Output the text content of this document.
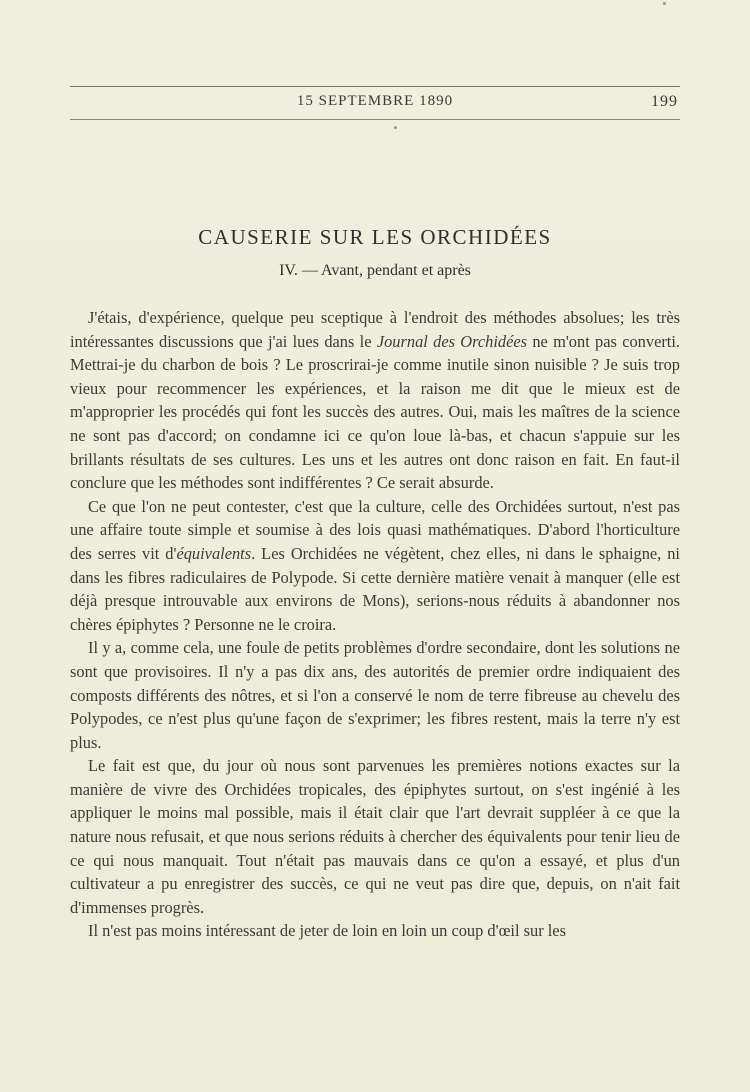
15 SEPTEMBRE 1890	199
CAUSERIE SUR LES ORCHIDÉES
IV. — Avant, pendant et après

J'étais, d'expérience, quelque peu sceptique à l'endroit des méthodes absolues; les très intéressantes discussions que j'ai lues dans le Journal des Orchidées ne m'ont pas converti. Mettrai-je du charbon de bois ? Le proscrirai-je comme inutile sinon nuisible ? Je suis trop vieux pour recommencer les expériences, et la raison me dit que le mieux est de m'approprier les procédés qui font les succès des autres. Oui, mais les maîtres de la science ne sont pas d'accord; on condamne ici ce qu'on loue là-bas, et chacun s'appuie sur les brillants résultats de ses cultures. Les uns et les autres ont donc raison en fait. En faut-il conclure que les méthodes sont indifférentes ? Ce serait absurde.

Ce que l'on ne peut contester, c'est que la culture, celle des Orchidées surtout, n'est pas une affaire toute simple et soumise à des lois quasi mathématiques. D'abord l'horticulture des serres vit d'équivalents. Les Orchidées ne végètent, chez elles, ni dans le sphaigne, ni dans les fibres radiculaires de Polypode. Si cette dernière matière venait à manquer (elle est déjà presque introuvable aux environs de Mons), serions-nous réduits à abandonner nos chères épiphytes ? Personne ne le croira.

Il y a, comme cela, une foule de petits problèmes d'ordre secondaire, dont les solutions ne sont que provisoires. Il n'y a pas dix ans, des autorités de premier ordre indiquaient des composts différents des nôtres, et si l'on a conservé le nom de terre fibreuse au chevelu des Polypodes, ce n'est plus qu'une façon de s'exprimer; les fibres restent, mais la terre n'y est plus.

Le fait est que, du jour où nous sont parvenues les premières notions exactes sur la manière de vivre des Orchidées tropicales, des épiphytes surtout, on s'est ingénié à les appliquer le moins mal possible, mais il était clair que l'art devrait suppléer à ce que la nature nous refusait, et que nous serions réduits à chercher des équivalents pour tenir lieu de ce qui nous manquait. Tout n'était pas mauvais dans ce qu'on a essayé, et plus d'un cultivateur a pu enregistrer des succès, ce qui ne veut pas dire que, depuis, on n'ait fait d'immenses progrès.

Il n'est pas moins intéressant de jeter de loin en loin un coup d'œil sur les
